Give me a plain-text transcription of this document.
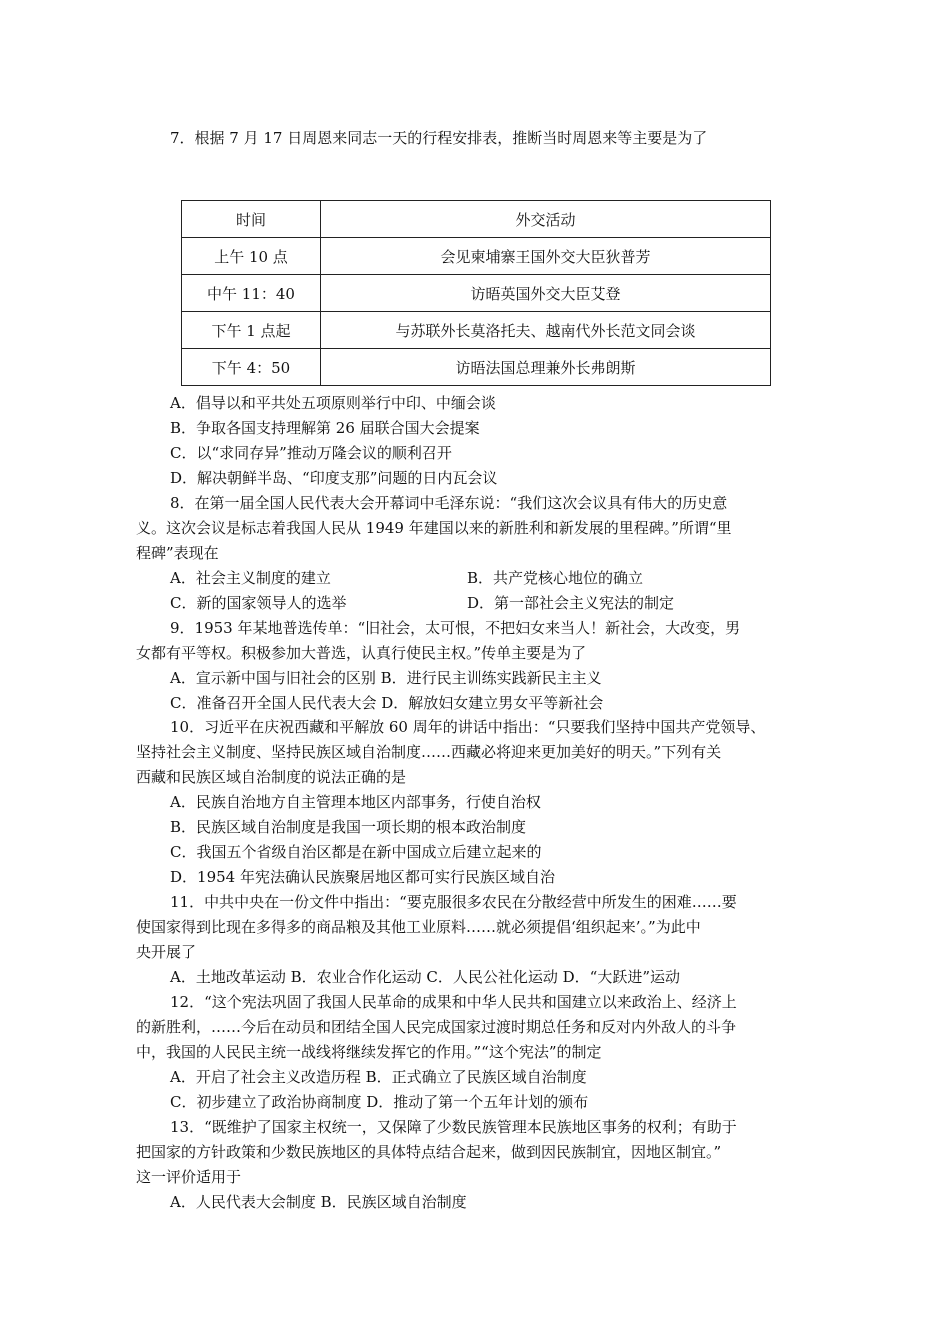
7．根据 7 月 17 日周恩来同志一天的行程安排表，推断当时周恩来等主要是为了
时间	外交活动
上午 10 点	会见柬埔寨王国外交大臣狄普芳
中午 11：40	访晤英国外交大臣艾登
下午 1 点起	与苏联外长莫洛托夫、越南代外长范文同会谈
下午 4：50	访晤法国总理兼外长弗朗斯
A．倡导以和平共处五项原则举行中印、中缅会谈
B．争取各国支持理解第 26 届联合国大会提案
C．以“求同存异”推动万隆会议的顺利召开
D．解决朝鲜半岛、“印度支那”问题的日内瓦会议
8．在第一届全国人民代表大会开幕词中毛泽东说：“我们这次会议具有伟大的历史意
义。这次会议是标志着我国人民从 1949 年建国以来的新胜利和新发展的里程碑。”所谓“里
程碑”表现在
A．社会主义制度的建立	B．共产党核心地位的确立
C．新的国家领导人的选举	D．第一部社会主义宪法的制定
9．1953 年某地普选传单：“旧社会，太可恨，不把妇女来当人！新社会，大改变，男
女都有平等权。积极参加大普选，认真行使民主权。”传单主要是为了
A．宣示新中国与旧社会的区别 B．进行民主训练实践新民主主义
C．准备召开全国人民代表大会 D．解放妇女建立男女平等新社会
10．习近平在庆祝西藏和平解放 60 周年的讲话中指出：“只要我们坚持中国共产党领导、
坚持社会主义制度、坚持民族区域自治制度……西藏必将迎来更加美好的明天。”下列有关
西藏和民族区域自治制度的说法正确的是
A．民族自治地方自主管理本地区内部事务，行使自治权
B．民族区域自治制度是我国一项长期的根本政治制度
C．我国五个省级自治区都是在新中国成立后建立起来的
D．1954 年宪法确认民族聚居地区都可实行民族区域自治
11．中共中央在一份文件中指出：“要克服很多农民在分散经营中所发生的困难……要
使国家得到比现在多得多的商品粮及其他工业原料……就必须提倡‘组织起来’。”为此中
央开展了
A．土地改革运动 B．农业合作化运动 C．人民公社化运动 D．“大跃进”运动
12．“这个宪法巩固了我国人民革命的成果和中华人民共和国建立以来政治上、经济上
的新胜利，……今后在动员和团结全国人民完成国家过渡时期总任务和反对内外敌人的斗争
中，我国的人民民主统一战线将继续发挥它的作用。”“这个宪法”的制定
A．开启了社会主义改造历程 B．正式确立了民族区域自治制度
C．初步建立了政治协商制度 D．推动了第一个五年计划的颁布
13．“既维护了国家主权统一，又保障了少数民族管理本民族地区事务的权利；有助于
把国家的方针政策和少数民族地区的具体特点结合起来，做到因民族制宜，因地区制宜。”
这一评价适用于
A．人民代表大会制度 B．民族区域自治制度
